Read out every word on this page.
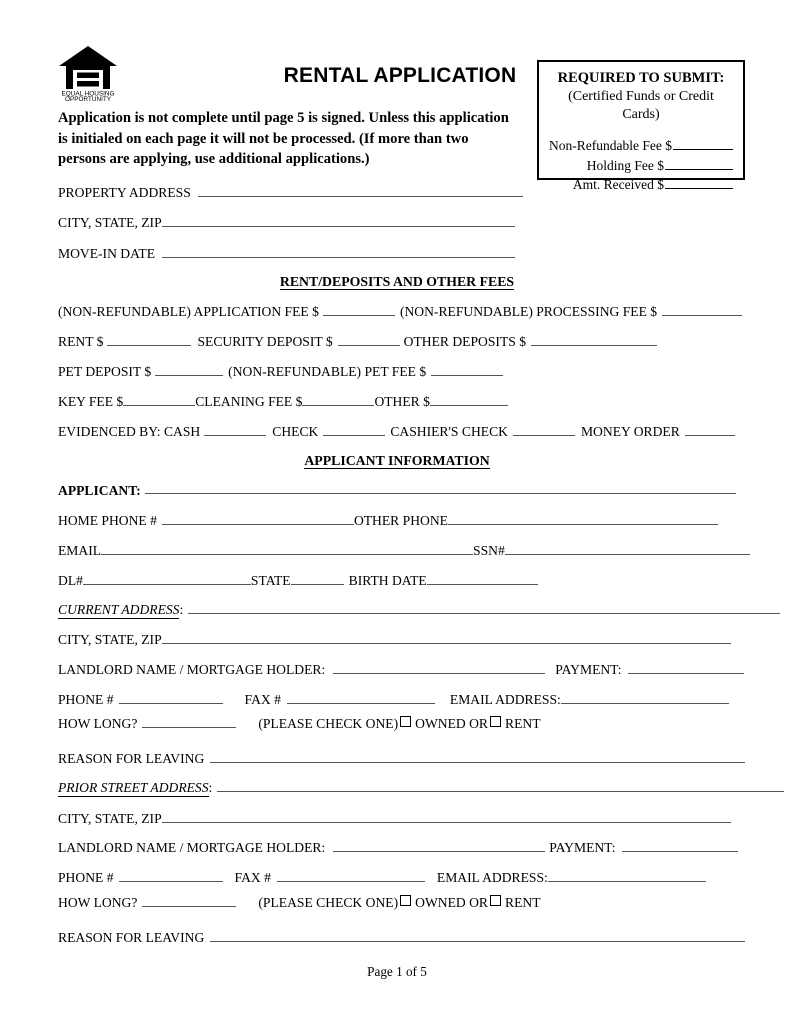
EQUAL HOUSING
OPPORTUNITY
RENTAL APPLICATION	REQUIRED TO SUBMIT:
(Certified Funds or Credit Cards)
Non-Refundable Fee $
Holding Fee $
Amt. Received $
Application is not complete until page 5 is signed. Unless this application is initialed on each page it will not be processed. (If more than two persons are applying, use additional applications.)
PROPERTY ADDRESS
CITY, STATE, ZIP
MOVE-IN DATE
RENT/DEPOSITS AND OTHER FEES
(NON-REFUNDABLE) APPLICATION FEE $	(NON-REFUNDABLE) PROCESSING FEE $
RENT $	SECURITY DEPOSIT $	OTHER DEPOSITS $
PET DEPOSIT $	(NON-REFUNDABLE) PET FEE $
KEY FEE $	CLEANING FEE $	OTHER $
EVIDENCED BY: CASH	CHECK	CASHIER'S CHECK	MONEY ORDER
APPLICANT INFORMATION
APPLICANT:
HOME PHONE #	OTHER PHONE
EMAIL	SSN#
DL#	STATE	BIRTH DATE
CURRENT ADDRESS :
CITY, STATE, ZIP
LANDLORD NAME / MORTGAGE HOLDER:	PAYMENT:
PHONE #	FAX #	EMAIL ADDRESS:
HOW LONG?	(PLEASE CHECK ONE) OWNED OR RENT
REASON FOR LEAVING
PRIOR STREET ADDRESS :
CITY, STATE, ZIP
LANDLORD NAME / MORTGAGE HOLDER:	PAYMENT:
PHONE #	FAX #	EMAIL ADDRESS:
HOW LONG?	(PLEASE CHECK ONE) OWNED OR RENT
REASON FOR LEAVING
Page 1 of 5
